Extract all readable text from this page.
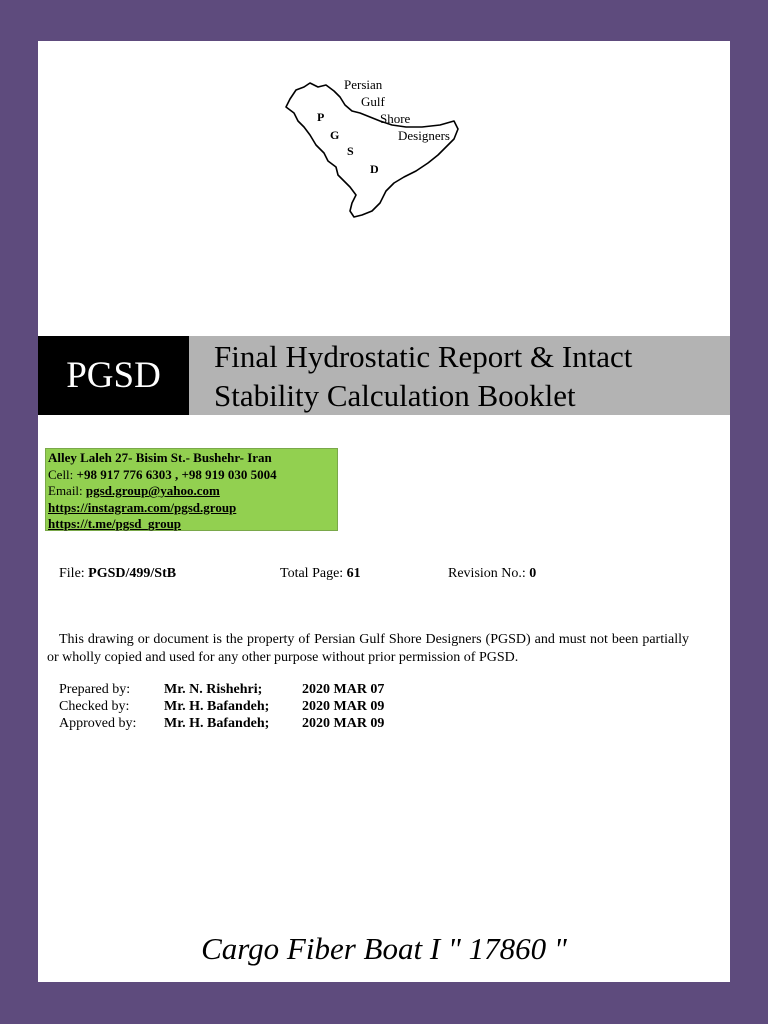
Persian
Gulf
Shore
Designers
P
G
S
D
PGSD	Final Hydrostatic Report & Intact
Stability Calculation Booklet
Alley Laleh 27- Bisim St.- Bushehr- Iran
Cell: +98 917 776 6303 , +98 919 030 5004
Email: pgsd.group@yahoo.com
https://instagram.com/pgsd.group
https://t.me/pgsd_group
File: PGSD/499/StB	Total Page: 61	Revision No.: 0
This drawing or document is the property of Persian Gulf Shore Designers (PGSD) and must not been partially or wholly copied and used for any other purpose without prior permission of PGSD.
Prepared by: Mr. N. Rishehri;	2020 MAR 07
Checked by: Mr. H. Bafandeh; 2020 MAR 09
Approved by: Mr. H. Bafandeh; 2020 MAR 09
Cargo Fiber Boat I " 17860 "
